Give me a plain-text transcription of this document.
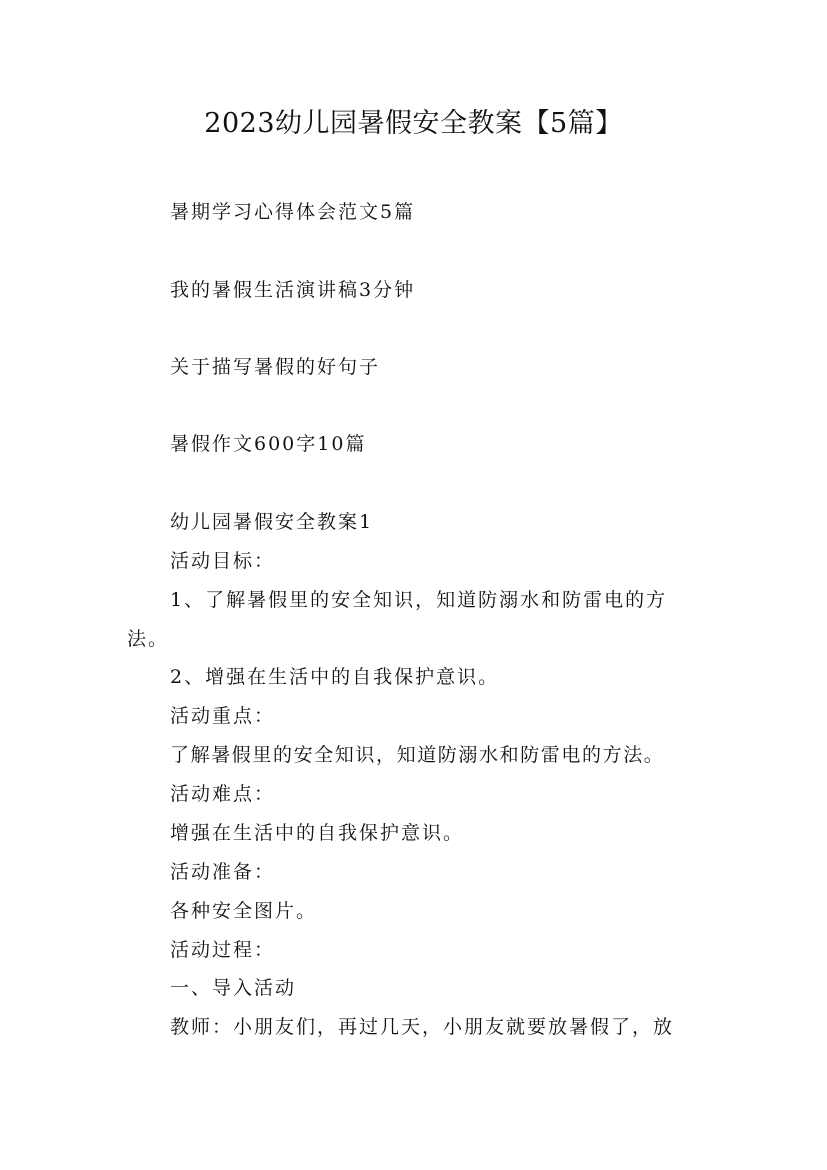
2023幼儿园暑假安全教案【5篇】
暑期学习心得体会范文5篇
我的暑假生活演讲稿3分钟
关于描写暑假的好句子
暑假作文600字10篇
幼儿园暑假安全教案1
活动目标：
1、了解暑假里的安全知识，知道防溺水和防雷电的方
法。
2、增强在生活中的自我保护意识。
活动重点：
了解暑假里的安全知识，知道防溺水和防雷电的方法。
活动难点：
增强在生活中的自我保护意识。
活动准备：
各种安全图片。
活动过程：
一、导入活动
教师：小朋友们，再过几天，小朋友就要放暑假了，放
